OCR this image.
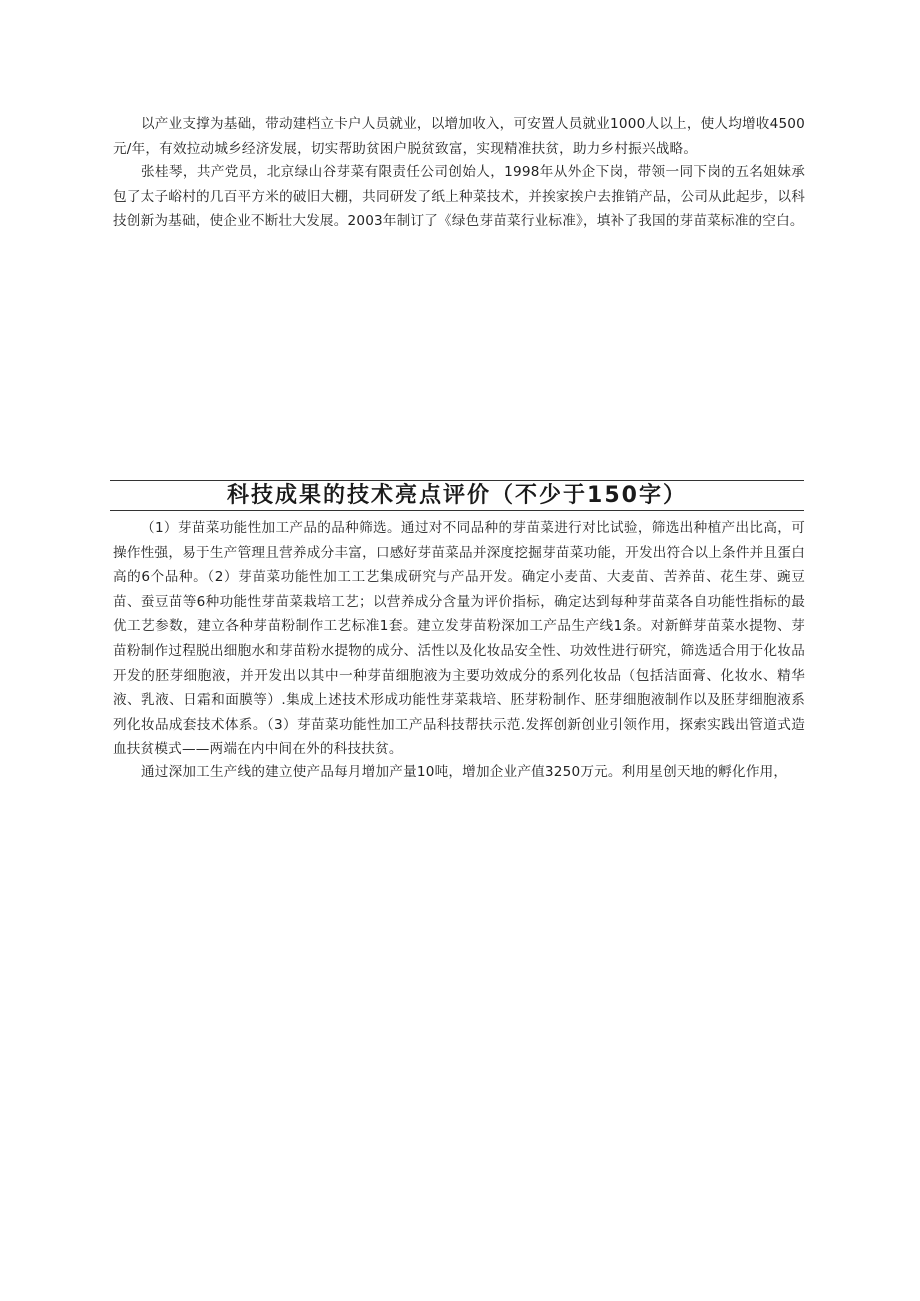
以产业支撑为基础，带动建档立卡户人员就业，以增加收入，可安置人员就业1000人以上，使人均增收4500元/年，有效拉动城乡经济发展，切实帮助贫困户脱贫致富，实现精准扶贫，助力乡村振兴战略。

张桂琴，共产党员，北京绿山谷芽菜有限责任公司创始人，1998年从外企下岗，带领一同下岗的五名姐妹承包了太子峪村的几百平方米的破旧大棚，共同研发了纸上种菜技术，并挨家挨户去推销产品，公司从此起步，以科技创新为基础，使企业不断壮大发展。2003年制订了《绿色芽苗菜行业标准》，填补了我国的芽苗菜标准的空白。

科技成果的技术亮点评价（不少于150字）

（1）芽苗菜功能性加工产品的品种筛选。通过对不同品种的芽苗菜进行对比试验，筛选出种植产出比高，可操作性强，易于生产管理且营养成分丰富，口感好芽苗菜品并深度挖掘芽苗菜功能，开发出符合以上条件并且蛋白高的6个品种。（2）芽苗菜功能性加工工艺集成研究与产品开发。确定小麦苗、大麦苗、苦养苗、花生芽、豌豆苗、蚕豆苗等6种功能性芽苗菜栽培工艺；以营养成分含量为评价指标，确定达到每种芽苗菜各自功能性指标的最优工艺参数，建立各种芽苗粉制作工艺标准1套。建立发芽苗粉深加工产品生产线1条。对新鲜芽苗菜水提物、芽苗粉制作过程脱出细胞水和芽苗粉水提物的成分、活性以及化妆品安全性、功效性进行研究，筛选适合用于化妆品开发的胚芽细胞液，并开发出以其中一种芽苗细胞液为主要功效成分的系列化妆品（包括洁面膏、化妆水、精华液、乳液、日霜和面膜等）.集成上述技术形成功能性芽菜栽培、胚芽粉制作、胚芽细胞液制作以及胚芽细胞液系列化妆品成套技术体系。（3）芽苗菜功能性加工产品科技帮扶示范.发挥创新创业引领作用，探索实践出管道式造血扶贫模式——两端在内中间在外的科技扶贫。

通过深加工生产线的建立使产品每月增加产量10吨，增加企业产值3250万元。利用星创天地的孵化作用，
